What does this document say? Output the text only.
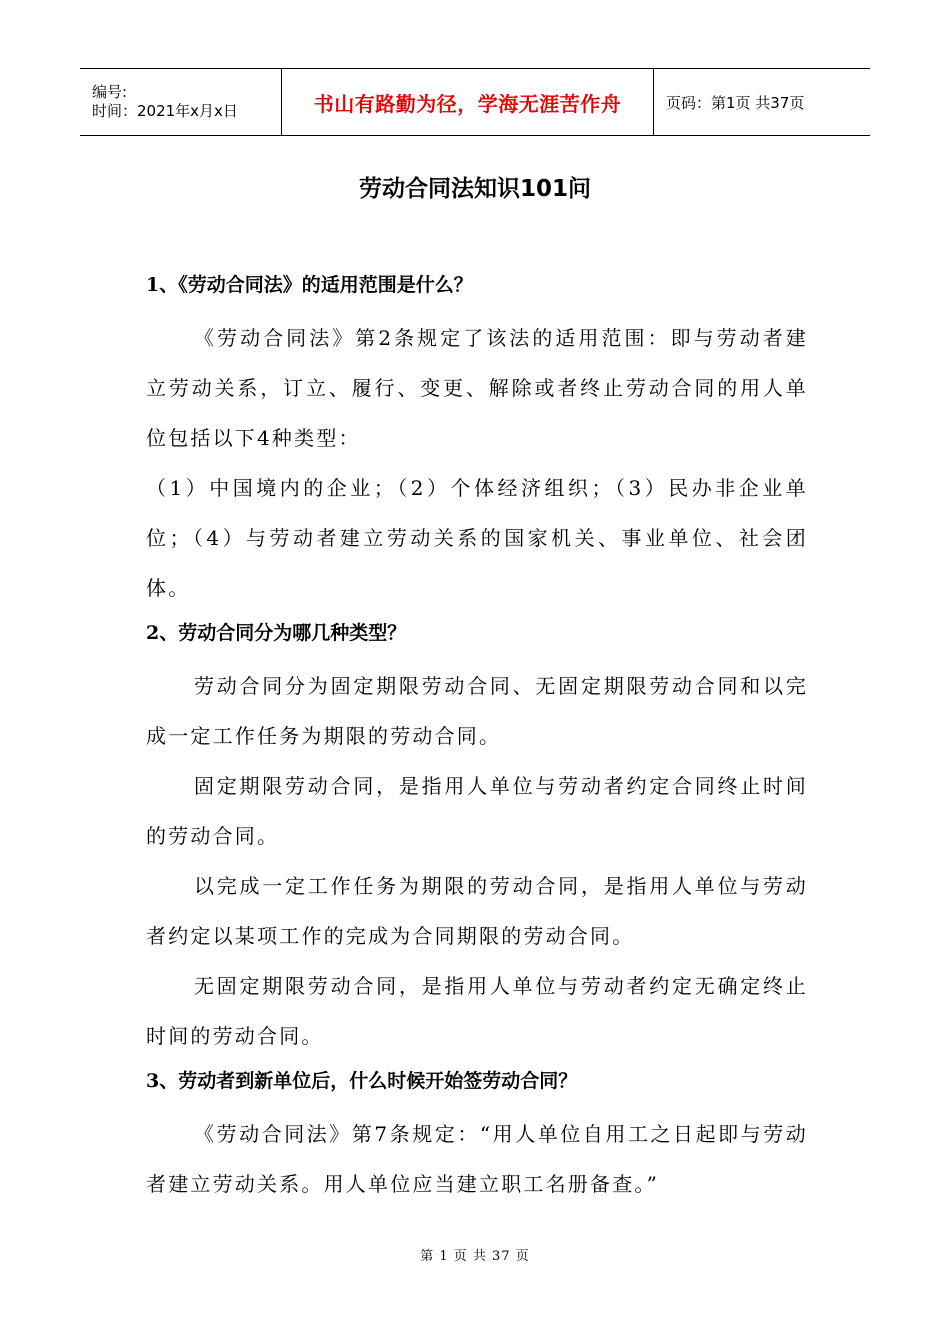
编号:
时间：2021年x月x日	书山有路勤为径，学海无涯苦作舟	页码：第1页 共37页
劳动合同法知识101问
1、《劳动合同法》的适用范围是什么？

《劳动合同法》第2条规定了该法的适用范围：即与劳动者建立劳动关系，订立、履行、变更、解除或者终止劳动合同的用人单位包括以下4种类型：

（1）中国境内的企业；（2）个体经济组织；（3）民办非企业单位；（4）与劳动者建立劳动关系的国家机关、事业单位、社会团体。

2、劳动合同分为哪几种类型？

劳动合同分为固定期限劳动合同、无固定期限劳动合同和以完成一定工作任务为期限的劳动合同。

固定期限劳动合同，是指用人单位与劳动者约定合同终止时间的劳动合同。

以完成一定工作任务为期限的劳动合同，是指用人单位与劳动者约定以某项工作的完成为合同期限的劳动合同。

无固定期限劳动合同，是指用人单位与劳动者约定无确定终止时间的劳动合同。

3、劳动者到新单位后，什么时候开始签劳动合同？

《劳动合同法》第7条规定：“用人单位自用工之日起即与劳动者建立劳动关系。用人单位应当建立职工名册备查。”

第 1 页 共 37 页
